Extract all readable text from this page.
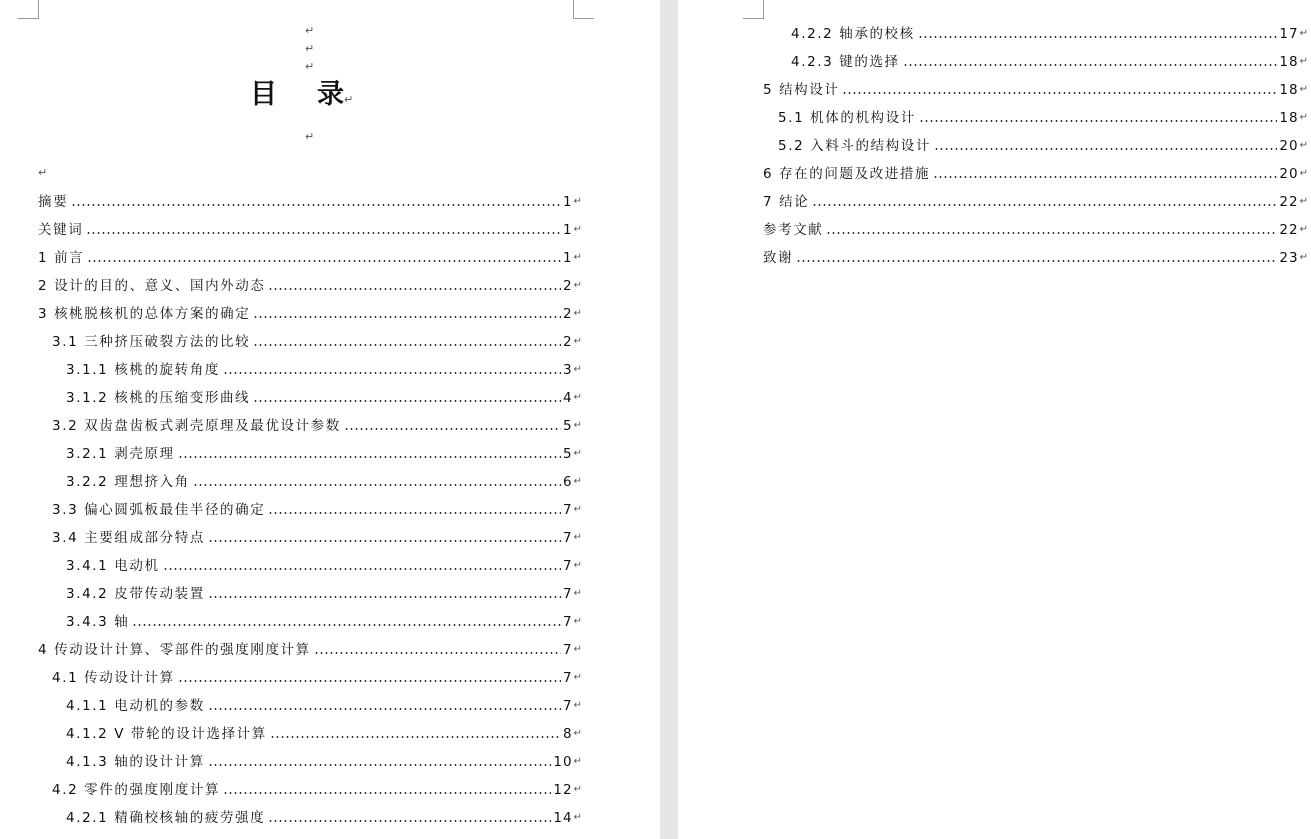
↵
↵
↵
目 录↵
↵
↵
摘要	1 ↵
关键词	1 ↵
1 前言	1 ↵
2 设计的目的、意义、国内外动态	2 ↵
3 核桃脱核机的总体方案的确定	2 ↵
3.1 三种挤压破裂方法的比较	2 ↵
3.1.1 核桃的旋转角度	3 ↵
3.1.2 核桃的压缩变形曲线	4 ↵
3.2 双齿盘齿板式剥壳原理及最优设计参数	5 ↵
3.2.1 剥壳原理	5 ↵
3.2.2 理想挤入角	6 ↵
3.3 偏心圆弧板最佳半径的确定	7 ↵
3.4 主要组成部分特点	7 ↵
3.4.1 电动机	7 ↵
3.4.2 皮带传动装置	7 ↵
3.4.3 轴	7 ↵
4 传动设计计算、零部件的强度刚度计算	7 ↵
4.1 传动设计计算	7 ↵
4.1.1 电动机的参数	7 ↵
4.1.2 V 带轮的设计选择计算	8 ↵
4.1.3 轴的设计计算	10 ↵
4.2 零件的强度刚度计算	12 ↵
4.2.1 精确校核轴的疲劳强度	14 ↵
4.2.2 轴承的校核	17 ↵
4.2.3 键的选择	18 ↵
5 结构设计	18 ↵
5.1 机体的机构设计	18 ↵
5.2 入料斗的结构设计	20 ↵
6 存在的问题及改进措施	20 ↵
7 结论	22 ↵
参考文献	22 ↵
致谢	23 ↵
